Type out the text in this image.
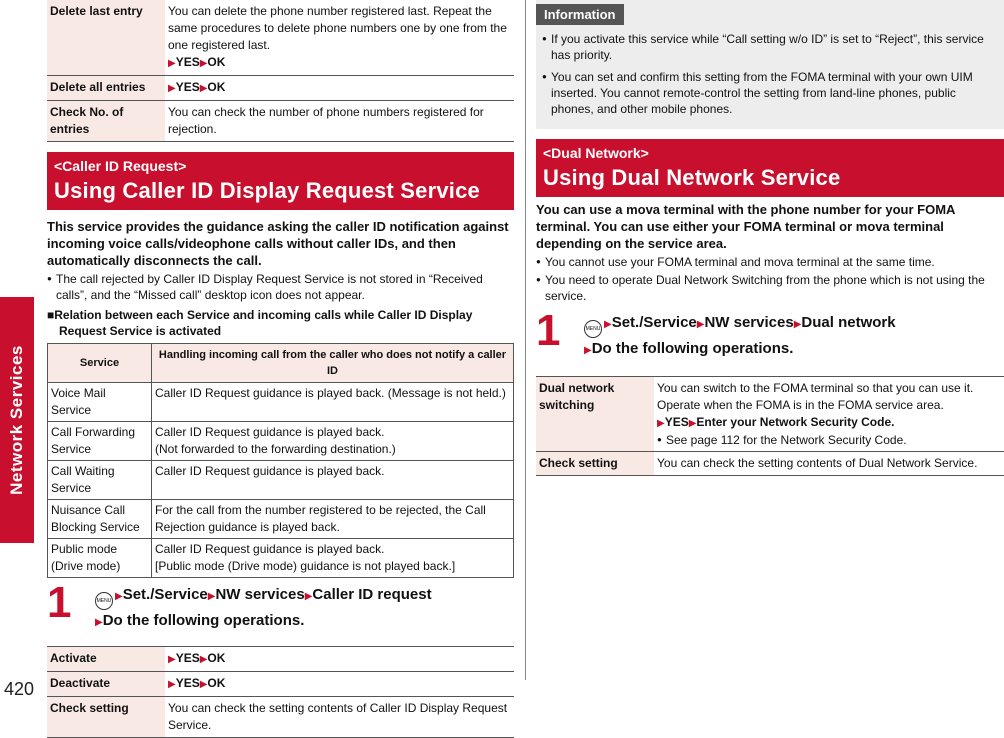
Network Services
420
Delete last entry	You can delete the phone number registered last. Repeat the same procedures to delete phone numbers one by one from the one registered last.
▶YES▶OK
Delete all entries	▶YES▶OK
Check No. of entries	You can check the number of phone numbers registered for rejection.
<Caller ID Request>
Using Caller ID Display Request Service
This service provides the guidance asking the caller ID notification against incoming voice calls/videophone calls without caller IDs, and then automatically disconnects the call.
● The call rejected by Caller ID Display Request Service is not stored in “Received calls”, and the “Missed call” desktop icon does not appear.
■Relation between each Service and incoming calls while Caller ID Display Request Service is activated
Service	Handling incoming call from the caller who does not notify a caller ID
Voice Mail Service	Caller ID Request guidance is played back. (Message is not held.)
Call Forwarding Service	Caller ID Request guidance is played back.
(Not forwarded to the forwarding destination.)
Call Waiting Service	Caller ID Request guidance is played back.
Nuisance Call Blocking Service	For the call from the number registered to be rejected, the Call Rejection guidance is played back.
Public mode
(Drive mode)	Caller ID Request guidance is played back.
[Public mode (Drive mode) guidance is not played back.]
1	MENU ▶Set./Service▶NW services▶Caller ID request
▶Do the following operations.
Activate	▶YES▶OK
Deactivate	▶YES▶OK
Check setting	You can check the setting contents of Caller ID Display Request Service.
Information
● If you activate this service while “Call setting w/o ID” is set to “Reject”, this service has priority.
● You can set and confirm this setting from the FOMA terminal with your own UIM inserted. You cannot remote-control the setting from land-line phones, public phones, and other mobile phones.
<Dual Network>
Using Dual Network Service
You can use a mova terminal with the phone number for your FOMA terminal. You can use either your FOMA terminal or mova terminal depending on the service area.
● You cannot use your FOMA terminal and mova terminal at the same time.
● You need to operate Dual Network Switching from the phone which is not using the service.
1	MENU ▶Set./Service▶NW services▶Dual network
▶Do the following operations.
Dual network switching	You can switch to the FOMA terminal so that you can use it.
Operate when the FOMA is in the FOMA service area.
▶YES▶Enter your Network Security Code.
● See page 112 for the Network Security Code.

Check setting	You can check the setting contents of Dual Network Service.
